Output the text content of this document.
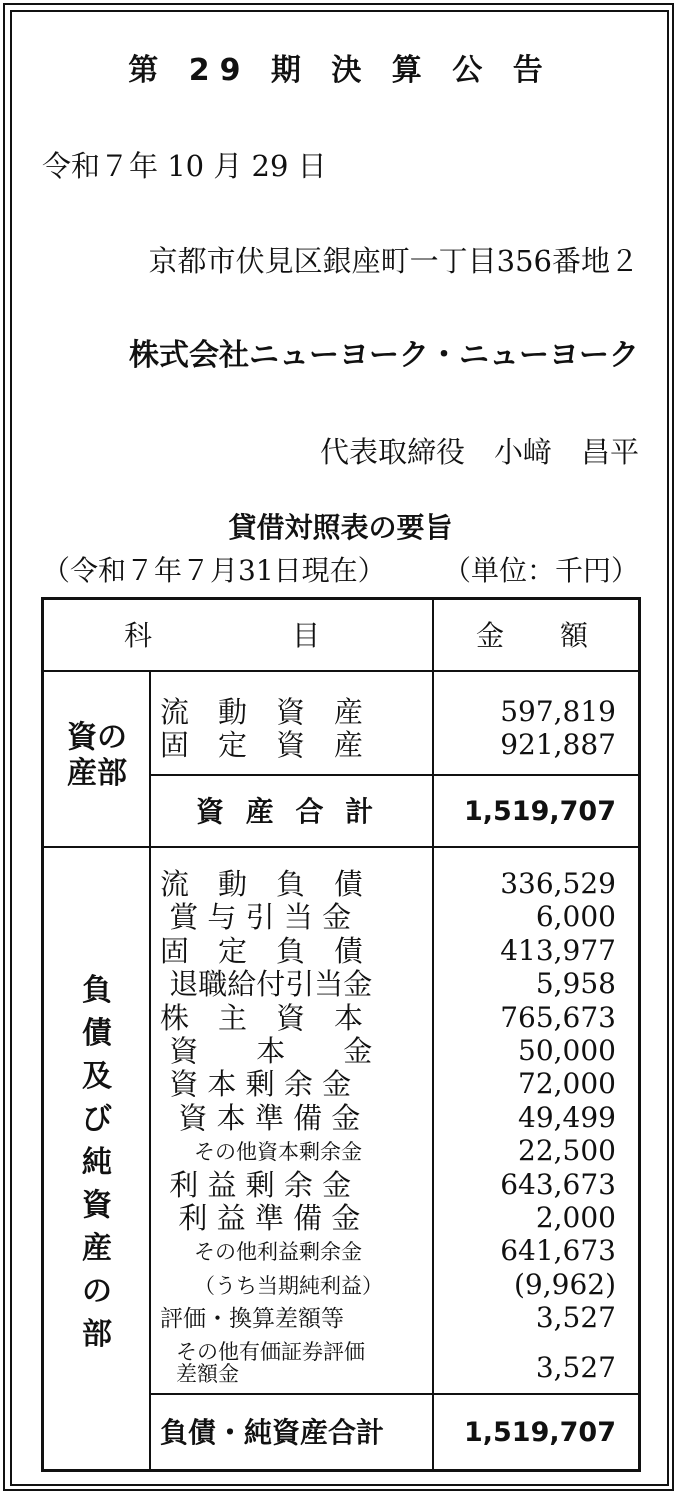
第 29 期 決 算 公 告
令和７年 10 月 29 日
京都市伏見区銀座町一丁目356番地２
株式会社ニューヨーク・ニューヨーク
代表取締役　小﨑　昌平
貸借対照表の要旨
（令和７年７月31日現在） （単位：千円）
科　　　　　目	金　　額
資の
産部
流　動　資　産	597,819
固　定　資　産	921,887
資 産 合 計	1,519,707
負
債
及
び
純
資
産
の
部
流　動　負　債	336,529
賞 与 引 当 金	6,000
固　定　負　債	413,977
退職給付引当金	5,958
株　主　資　本	765,673
資　　本　　金	50,000
資 本 剰 余 金	72,000
資 本 準 備 金	49,499
その他資本剰余金	22,500
利 益 剰 余 金	643,673
利 益 準 備 金	2,000
その他利益剰余金	641,673
（うち当期純利益）	(9,962)
評価・換算差額等	3,527
その他有価証券評価
差額金	3,527
負債・純資産合計	1,519,707
